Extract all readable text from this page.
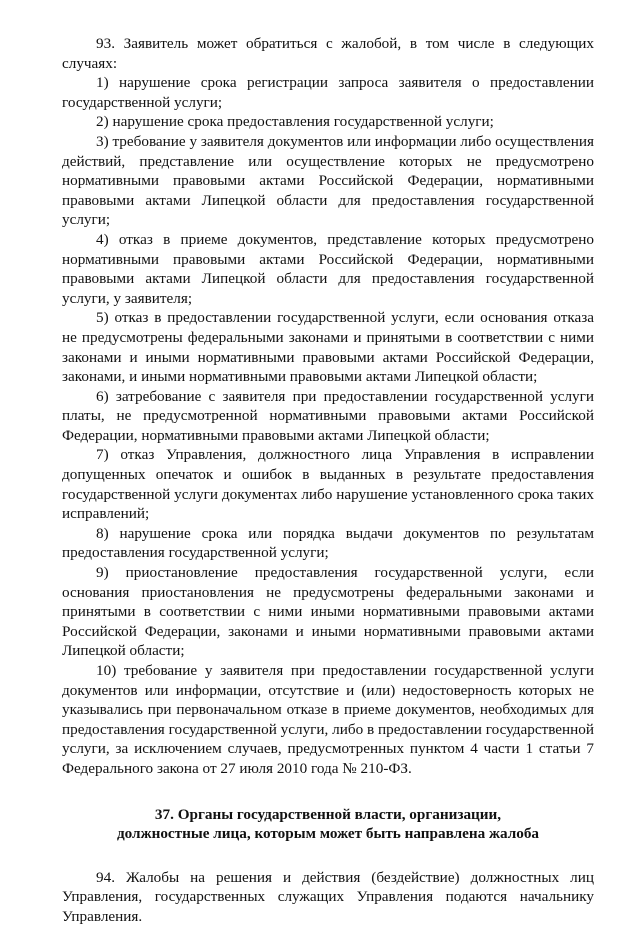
93. Заявитель может обратиться с жалобой, в том числе в следующих случаях:

1) нарушение срока регистрации запроса заявителя о предоставлении государственной услуги;

2) нарушение срока предоставления государственной услуги;

3) требование у заявителя документов или информации либо осуществления действий, представление или осуществление которых не предусмотрено нормативными правовыми актами Российской Федерации, нормативными правовыми актами Липецкой области для предоставления государственной услуги;

4) отказ в приеме документов, представление которых предусмотрено нормативными правовыми актами Российской Федерации, нормативными правовыми актами Липецкой области для предоставления государственной услуги, у заявителя;

5) отказ в предоставлении государственной услуги, если основания отказа не предусмотрены федеральными законами и принятыми в соответствии с ними законами и иными нормативными правовыми актами Российской Федерации, законами, и иными нормативными правовыми актами Липецкой области;

6) затребование с заявителя при предоставлении государственной услуги платы, не предусмотренной нормативными правовыми актами Российской Федерации, нормативными правовыми актами Липецкой области;

7) отказ Управления, должностного лица Управления в исправлении допущенных опечаток и ошибок в выданных в результате предоставления государственной услуги документах либо нарушение установленного срока таких исправлений;

8) нарушение срока или порядка выдачи документов по результатам предоставления государственной услуги;

9) приостановление предоставления государственной услуги, если основания приостановления не предусмотрены федеральными законами и принятыми в соответствии с ними иными нормативными правовыми актами Российской Федерации, законами и иными нормативными правовыми актами Липецкой области;

10) требование у заявителя при предоставлении государственной услуги документов или информации, отсутствие и (или) недостоверность которых не указывались при первоначальном отказе в приеме документов, необходимых для предоставления государственной услуги, либо в предоставлении государственной услуги, за исключением случаев, предусмотренных пунктом 4 части 1 статьи 7 Федерального закона от 27 июля 2010 года № 210-ФЗ.

37. Органы государственной власти, организации,
должностные лица, которым может быть направлена жалоба

94. Жалобы на решения и действия (бездействие) должностных лиц Управления, государственных служащих Управления подаются начальнику Управления.
